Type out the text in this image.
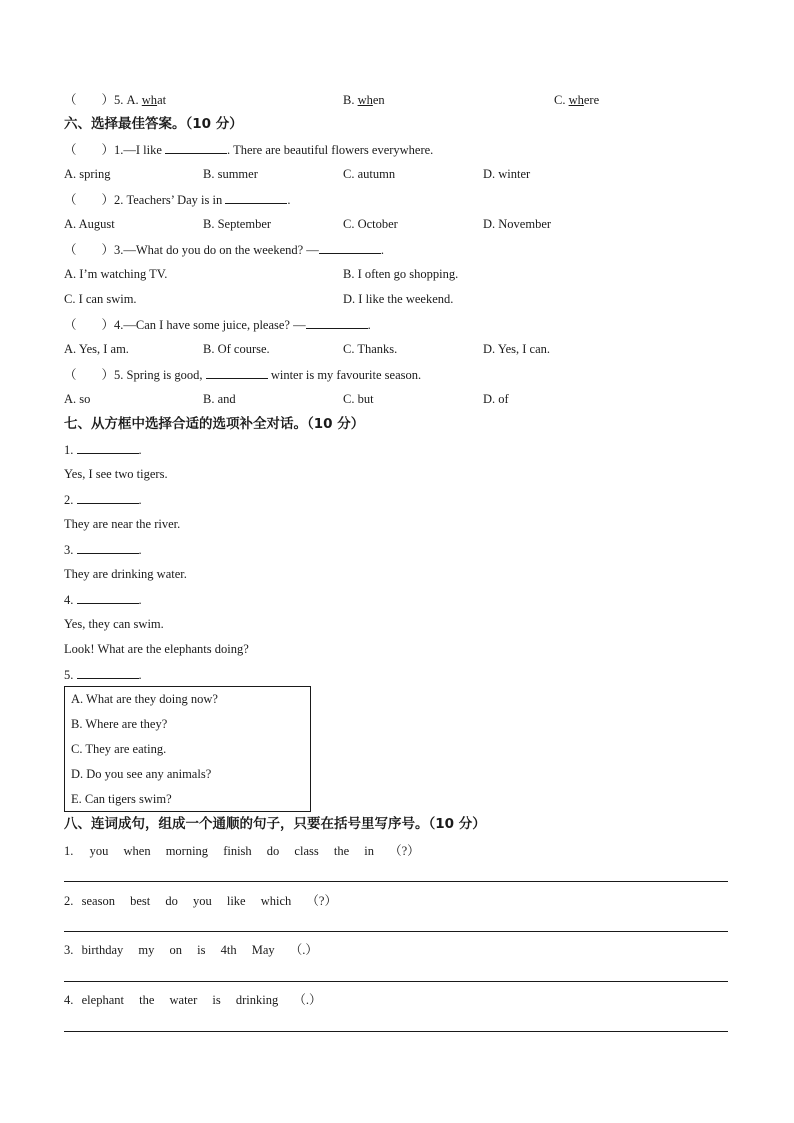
（　　）5. A. what	B. when	C. where
六、选择最佳答案。（10 分）
（　　）1.—I like	. There are beautiful flowers everywhere.
A. spring	B. summer	C. autumn	D. winter
（　　）2. Teachers’ Day is in	.
A. August	B. September	C. October	D. November
（　　）3.—What do you do on the weekend? —	.
A. I’m watching TV.	B. I often go shopping.
C. I can swim.	D. I like the weekend.
（　　）4.—Can I have some juice, please? —	.
A. Yes, I am.	B. Of course.	C. Thanks.	D. Yes, I can.
（　　）5. Spring is good,	winter is my favourite season.
A. so	B. and	C. but	D. of
七、从方框中选择合适的选项补全对话。（10 分）
1.	.
Yes, I see two tigers.
2.	.
They are near the river.
3.	.
They are drinking water.
4.	.
Yes, they can swim.
Look! What are the elephants doing?
5.	.
A. What are they doing now?
B. Where are they?
C. They are eating.
D. Do you see any animals?
E. Can tigers swim?
八、连词成句，组成一个通顺的句子，只要在括号里写序号。（10 分）
1. you when morning finish do class the in （?）
2. season best do you like which （?）
3. birthday my on is 4th May （.）
4. elephant the water is drinking （.）
